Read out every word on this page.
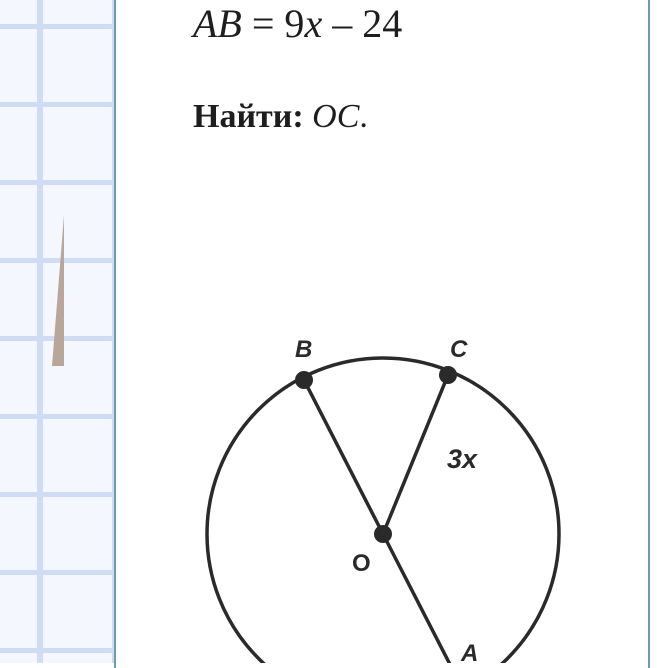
AB = 9x – 24
Найти: OC.
B	C
O
A
3x
